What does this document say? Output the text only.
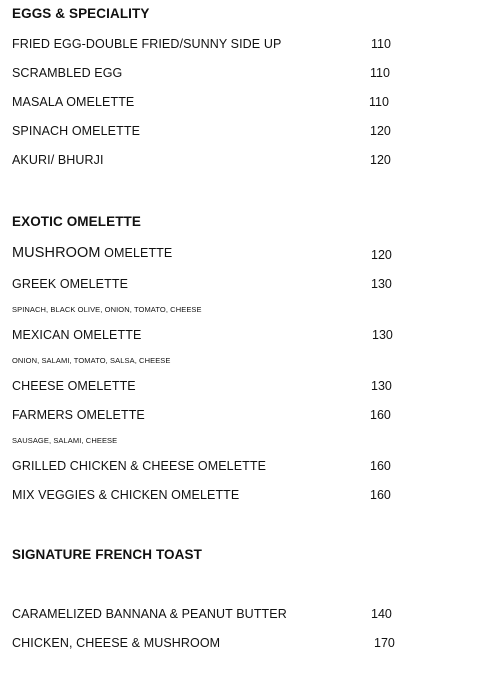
EGGS & SPECIALITY
FRIED EGG-DOUBLE FRIED/SUNNY SIDE UP	110
SCRAMBLED EGG	110
MASALA OMELETTE	110
SPINACH OMELETTE	120
AKURI/ BHURJI	120
EXOTIC OMELETTE
MUSHROOM OMELETTE	120
GREEK OMELETTE	130
SPINACH, BLACK OLIVE, ONION, TOMATO, CHEESE
MEXICAN OMELETTE	130
ONION, SALAMI, TOMATO, SALSA, CHEESE
CHEESE OMELETTE	130
FARMERS OMELETTE	160
SAUSAGE, SALAMI, CHEESE
GRILLED CHICKEN & CHEESE OMELETTE	160
MIX VEGGIES & CHICKEN OMELETTE	160
SIGNATURE FRENCH TOAST
CARAMELIZED BANNANA & PEANUT BUTTER	140
CHICKEN, CHEESE & MUSHROOM	170
